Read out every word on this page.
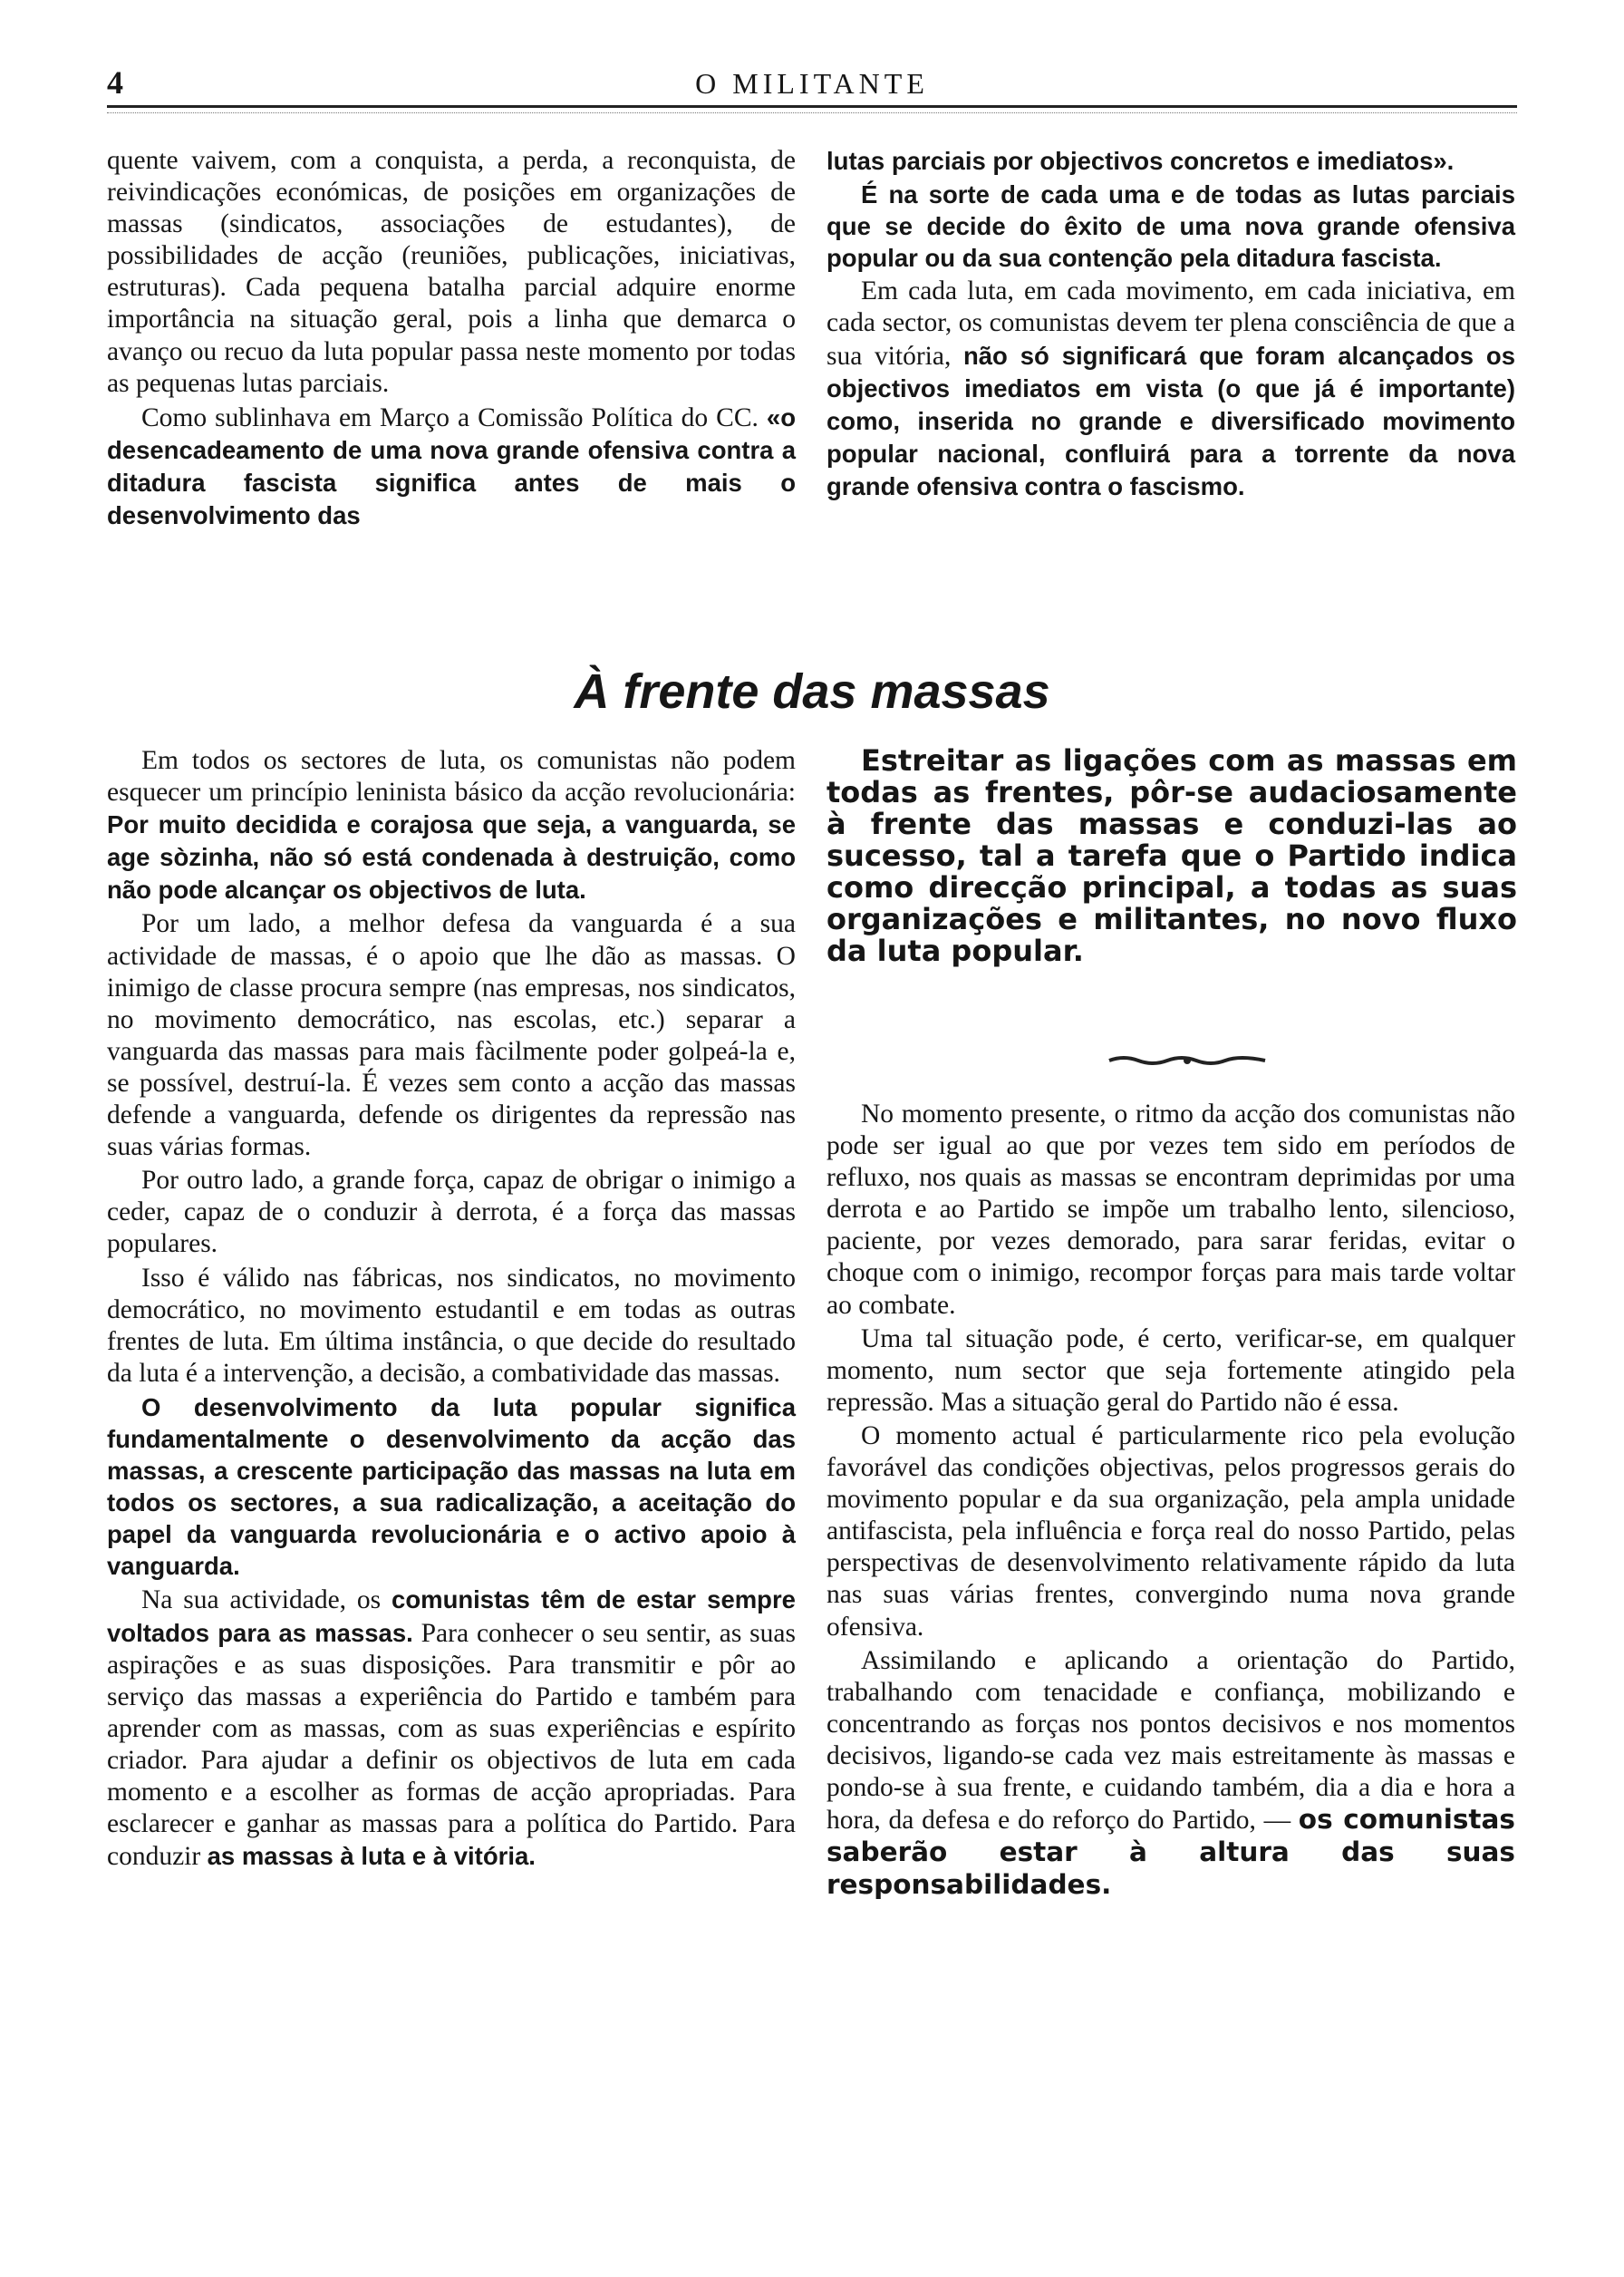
4	O MILITANTE

quente vaivem, com a conquista, a perda, a reconquista, de reivindicações económicas, de posições em organizações de massas (sindicatos, associações de estudantes), de possibilidades de acção (reuniões, publicações, iniciativas, estruturas). Cada pequena batalha parcial adquire enorme importância na situação geral, pois a linha que demarca o avanço ou recuo da luta popular passa neste momento por todas as pequenas lutas parciais.

Como sublinhava em Março a Comissão Política do CC. «o desencadeamento de uma nova grande ofensiva contra a ditadura fascista significa antes de mais o desenvolvimento das

lutas parciais por objectivos concretos e imediatos».

É na sorte de cada uma e de todas as lutas parciais que se decide do êxito de uma nova grande ofensiva popular ou da sua contenção pela ditadura fascista.

Em cada luta, em cada movimento, em cada iniciativa, em cada sector, os comunistas devem ter plena consciência de que a sua vitória, não só significará que foram alcançados os objectivos imediatos em vista (o que já é importante) como, inserida no grande e diversificado movimento popular nacional, confluirá para a torrente da nova grande ofensiva contra o fascismo.

À frente das massas

Em todos os sectores de luta, os comunistas não podem esquecer um princípio leninista básico da acção revolucionária: Por muito decidida e corajosa que seja, a vanguarda, se age sòzinha, não só está condenada à destruição, como não pode alcançar os objectivos de luta.

Por um lado, a melhor defesa da vanguarda é a sua actividade de massas, é o apoio que lhe dão as massas. O inimigo de classe procura sempre (nas empresas, nos sindicatos, no movimento democrático, nas escolas, etc.) separar a vanguarda das massas para mais fàcilmente poder golpeá-la e, se possível, destruí-la. É vezes sem conto a acção das massas defende a vanguarda, defende os dirigentes da repressão nas suas várias formas.

Por outro lado, a grande força, capaz de obrigar o inimigo a ceder, capaz de o conduzir à derrota, é a força das massas populares.

Isso é válido nas fábricas, nos sindicatos, no movimento democrático, no movimento estudantil e em todas as outras frentes de luta. Em última instância, o que decide do resultado da luta é a intervenção, a decisão, a combatividade das massas.

O desenvolvimento da luta popular significa fundamentalmente o desenvolvimento da acção das massas, a crescente participação das massas na luta em todos os sectores, a sua radicalização, a aceitação do papel da vanguarda revolucionária e o activo apoio à vanguarda.

Na sua actividade, os comunistas têm de estar sempre voltados para as massas. Para conhecer o seu sentir, as suas aspirações e as suas disposições. Para transmitir e pôr ao serviço das massas a experiência do Partido e também para aprender com as massas, com as suas experiências e espírito criador. Para ajudar a definir os objectivos de luta em cada momento e a escolher as formas de acção apropriadas. Para esclarecer e ganhar as massas para a política do Partido. Para conduzir as massas à luta e à vitória.

Estreitar as ligações com as massas em todas as frentes, pôr-se audaciosamente à frente das massas e conduzi-las ao sucesso, tal a tarefa que o Partido indica como direcção principal, a todas as suas organizações e militantes, no novo fluxo da luta popular.

No momento presente, o ritmo da acção dos comunistas não pode ser igual ao que por vezes tem sido em períodos de refluxo, nos quais as massas se encontram deprimidas por uma derrota e ao Partido se impõe um trabalho lento, silencioso, paciente, por vezes demorado, para sarar feridas, evitar o choque com o inimigo, recompor forças para mais tarde voltar ao combate.

Uma tal situação pode, é certo, verificar-se, em qualquer momento, num sector que seja fortemente atingido pela repressão. Mas a situação geral do Partido não é essa.

O momento actual é particularmente rico pela evolução favorável das condições objectivas, pelos progressos gerais do movimento popular e da sua organização, pela ampla unidade antifascista, pela influência e força real do nosso Partido, pelas perspectivas de desenvolvimento relativamente rápido da luta nas suas várias frentes, convergindo numa nova grande ofensiva.

Assimilando e aplicando a orientação do Partido, trabalhando com tenacidade e confiança, mobilizando e concentrando as forças nos pontos decisivos e nos momentos decisivos, ligando-se cada vez mais estreitamente às massas e pondo-se à sua frente, e cuidando também, dia a dia e hora a hora, da defesa e do reforço do Partido, — os comunistas saberão estar à altura das suas responsabilidades.
